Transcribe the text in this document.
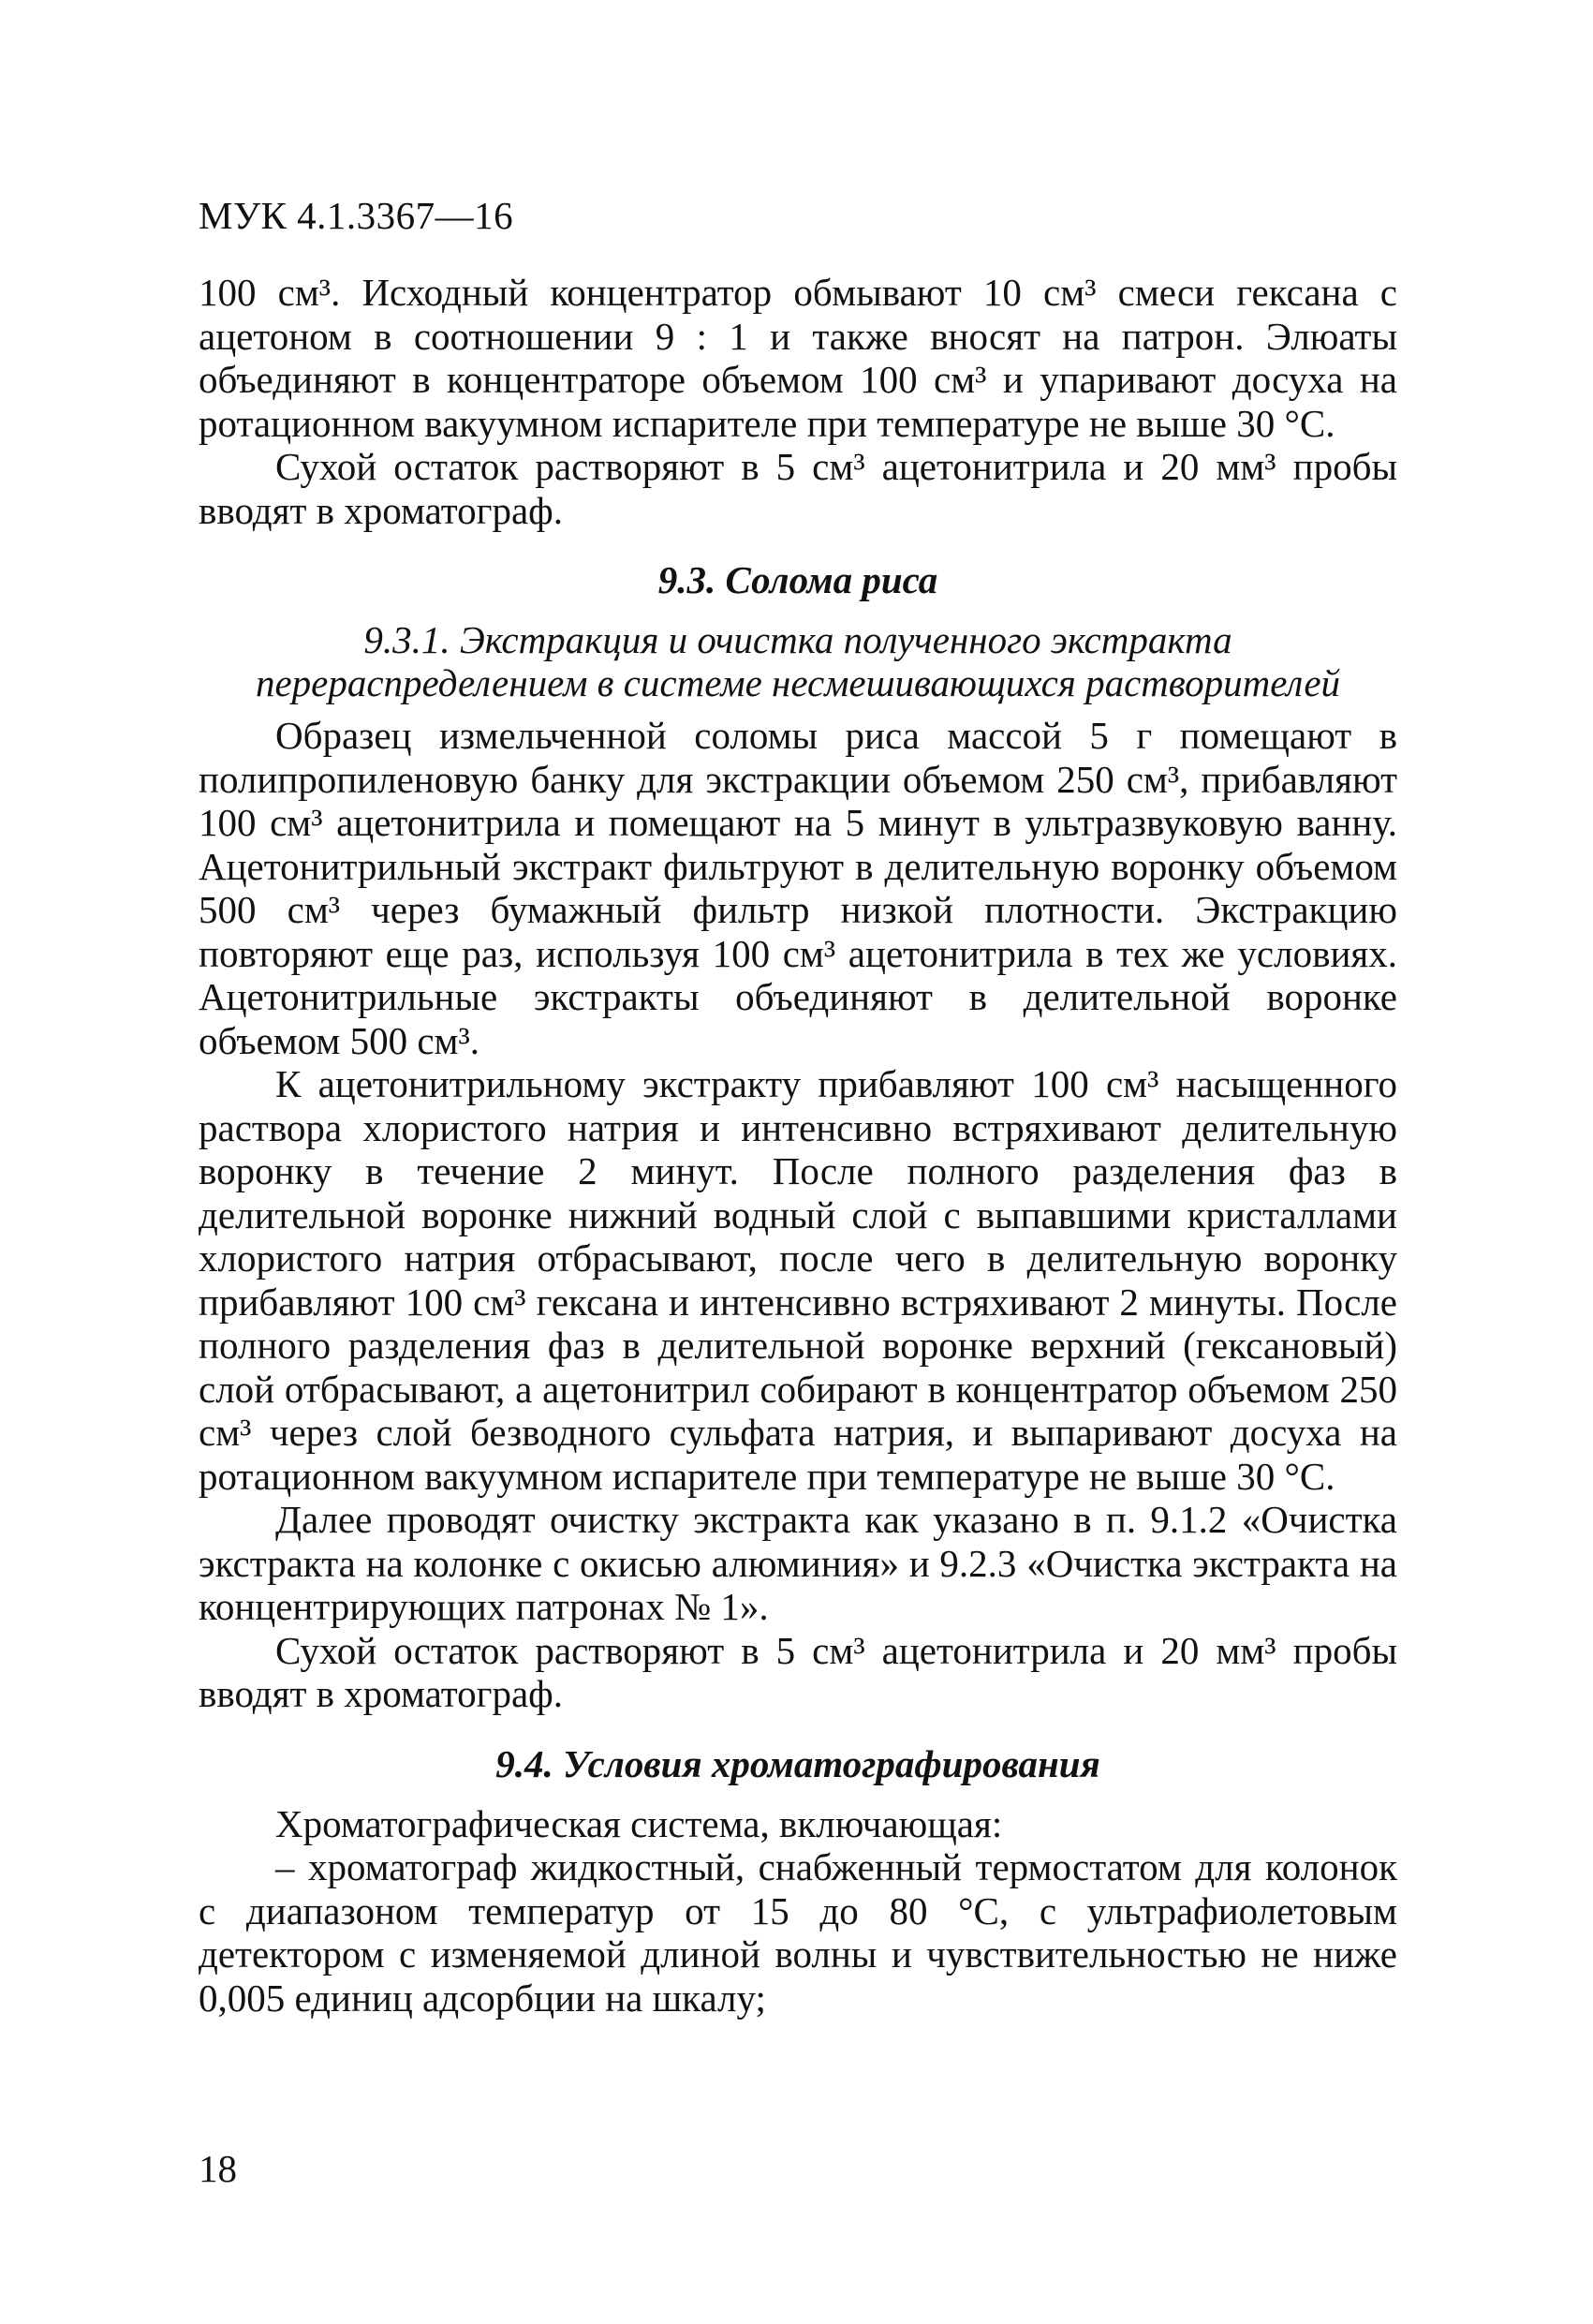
МУК 4.1.3367—16

100 см³. Исходный концентратор обмывают 10 см³ смеси гексана с ацетоном в соотношении 9 : 1 и также вносят на патрон. Элюаты объединяют в концентраторе объемом 100 см³ и упаривают досуха на ротационном вакуумном испарителе при температуре не выше 30 °С.

Сухой остаток растворяют в 5 см³ ацетонитрила и 20 мм³ пробы вводят в хроматограф.

9.3. Солома риса
9.3.1. Экстракция и очистка полученного экстракта
перераспределением в системе несмешивающихся растворителей

Образец измельченной соломы риса массой 5 г помещают в полипропиленовую банку для экстракции объемом 250 см³, прибавляют 100 см³ ацетонитрила и помещают на 5 минут в ультразвуковую ванну. Ацетонитрильный экстракт фильтруют в делительную воронку объемом 500 см³ через бумажный фильтр низкой плотности. Экстракцию повторяют еще раз, используя 100 см³ ацетонитрила в тех же условиях. Ацетонитрильные экстракты объединяют в делительной воронке объемом 500 см³.

К ацетонитрильному экстракту прибавляют 100 см³ насыщенного раствора хлористого натрия и интенсивно встряхивают делительную воронку в течение 2 минут. После полного разделения фаз в делительной воронке нижний водный слой с выпавшими кристаллами хлористого натрия отбрасывают, после чего в делительную воронку прибавляют 100 см³ гексана и интенсивно встряхивают 2 минуты. После полного разделения фаз в делительной воронке верхний (гексановый) слой отбрасывают, а ацетонитрил собирают в концентратор объемом 250 см³ через слой безводного сульфата натрия, и выпаривают досуха на ротационном вакуумном испарителе при температуре не выше 30 °С.

Далее проводят очистку экстракта как указано в п. 9.1.2 «Очистка экстракта на колонке с окисью алюминия» и 9.2.3 «Очистка экстракта на концентрирующих патронах № 1».

Сухой остаток растворяют в 5 см³ ацетонитрила и 20 мм³ пробы вводят в хроматограф.

9.4. Условия хроматографирования

Хроматографическая система, включающая:

– хроматограф жидкостный, снабженный термостатом для колонок с диапазоном температур от 15 до 80 °С, с ультрафиолетовым детектором с изменяемой длиной волны и чувствительностью не ниже 0,005 единиц адсорбции на шкалу;

18
